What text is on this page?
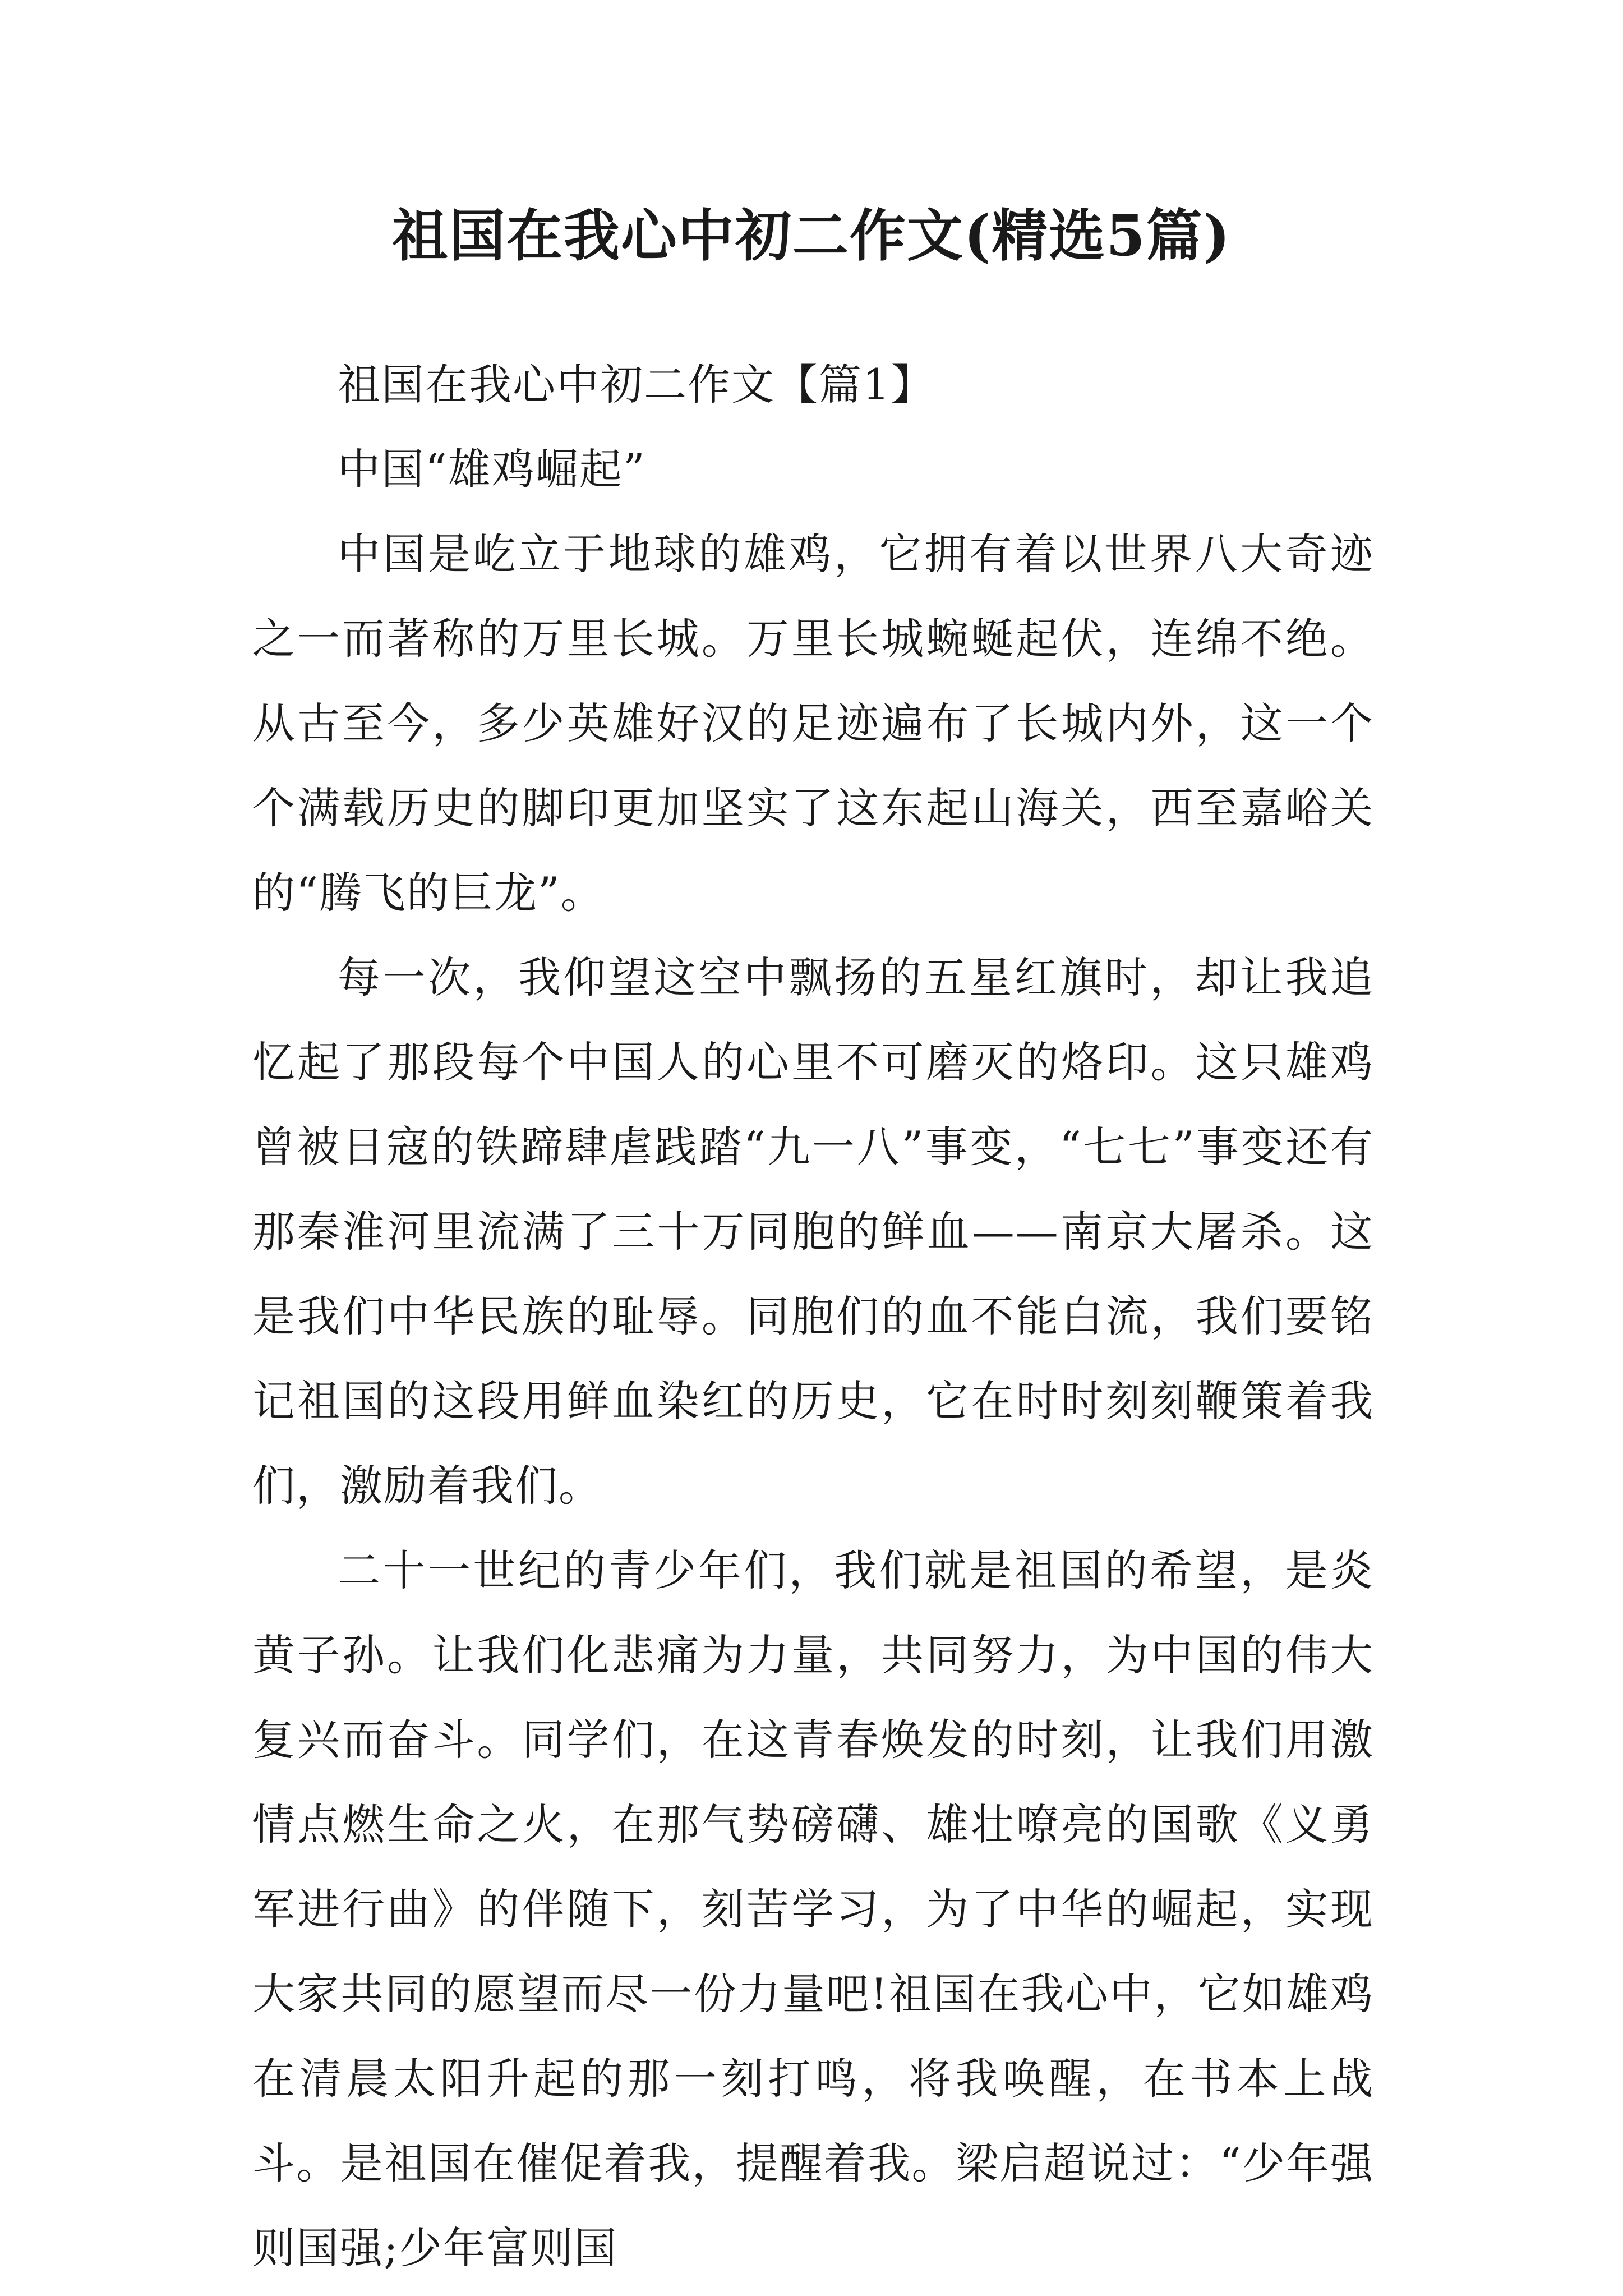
祖国在我心中初二作文(精选5篇)

祖国在我心中初二作文【篇1】

中国“雄鸡崛起”

中国是屹立于地球的雄鸡，它拥有着以世界八大奇迹之一而著称的万里长城。万里长城蜿蜒起伏，连绵不绝。从古至今，多少英雄好汉的足迹遍布了长城内外，这一个个满载历史的脚印更加坚实了这东起山海关，西至嘉峪关的“腾飞的巨龙”。

每一次，我仰望这空中飘扬的五星红旗时，却让我追忆起了那段每个中国人的心里不可磨灭的烙印。这只雄鸡曾被日寇的铁蹄肆虐践踏“九一八”事变，“七七”事变还有那秦淮河里流满了三十万同胞的鲜血——南京大屠杀。这是我们中华民族的耻辱。同胞们的血不能白流，我们要铭记祖国的这段用鲜血染红的历史，它在时时刻刻鞭策着我们，激励着我们。

二十一世纪的青少年们，我们就是祖国的希望，是炎黄子孙。让我们化悲痛为力量，共同努力，为中国的伟大复兴而奋斗。同学们，在这青春焕发的时刻，让我们用激情点燃生命之火，在那气势磅礴、雄壮嘹亮的国歌《义勇军进行曲》的伴随下，刻苦学习，为了中华的崛起，实现大家共同的愿望而尽一份力量吧!祖国在我心中，它如雄鸡在清晨太阳升起的那一刻打鸣，将我唤醒，在书本上战斗。是祖国在催促着我，提醒着我。梁启超说过：“少年强则国强;少年富则国
